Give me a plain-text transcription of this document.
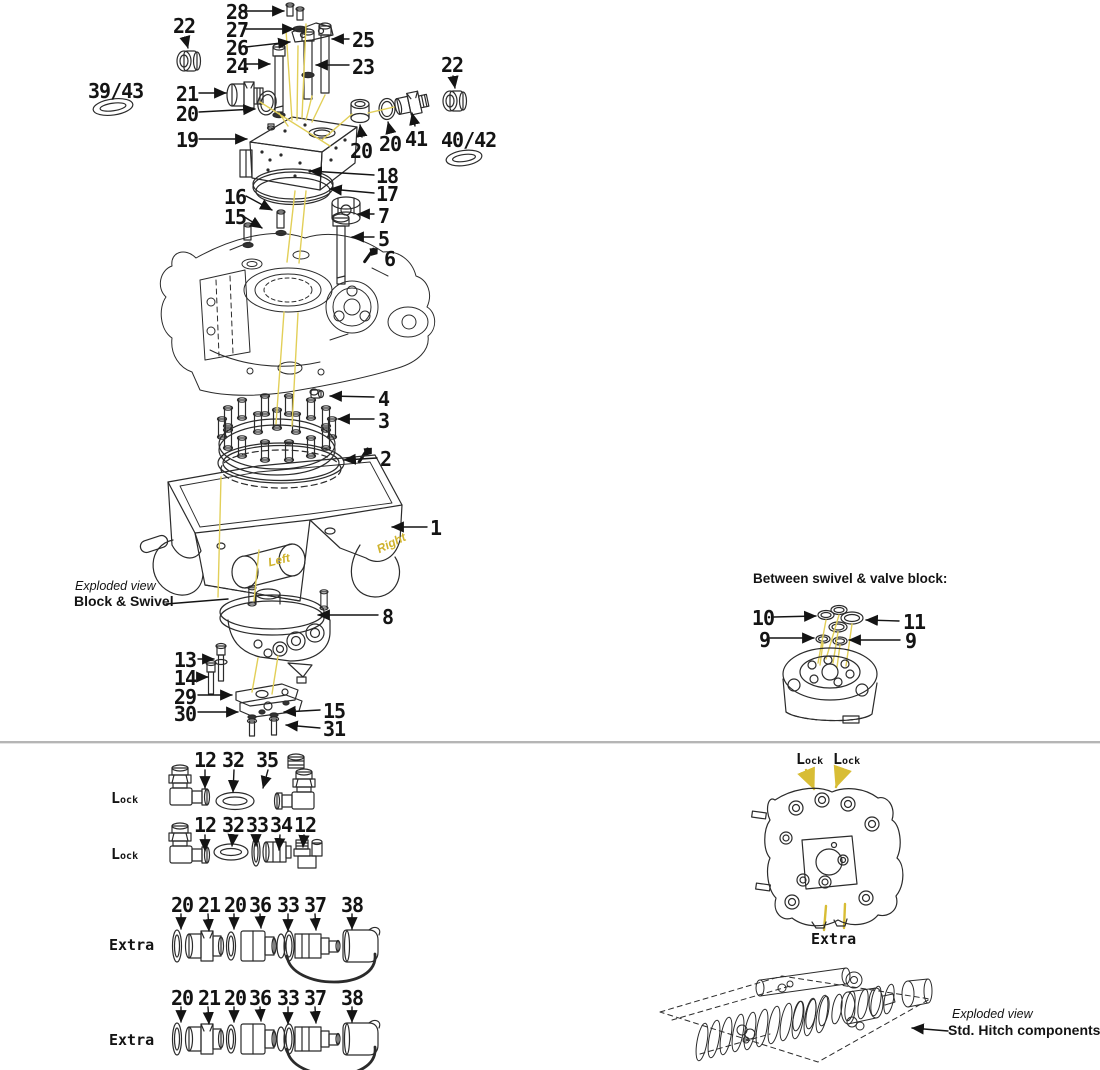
28
27
26
24
25
23
22
22
39/43	21
20
19	20 20 41 40/42
18
17
16
15	7
5
6
4
3
2
1
8
13
14
29
30	15
31
Exploded view
Block & Swivel
Left
Right
Between swivel & valve block:
10	11
9	9
Lock
Lock
Extra
Extra
12 32 35
12 32 33 34 12
20 21 20 36 33 37 38
20 21 20 36 33 37 38
Lock Lock
Extra
Exploded view
Std. Hitch components
